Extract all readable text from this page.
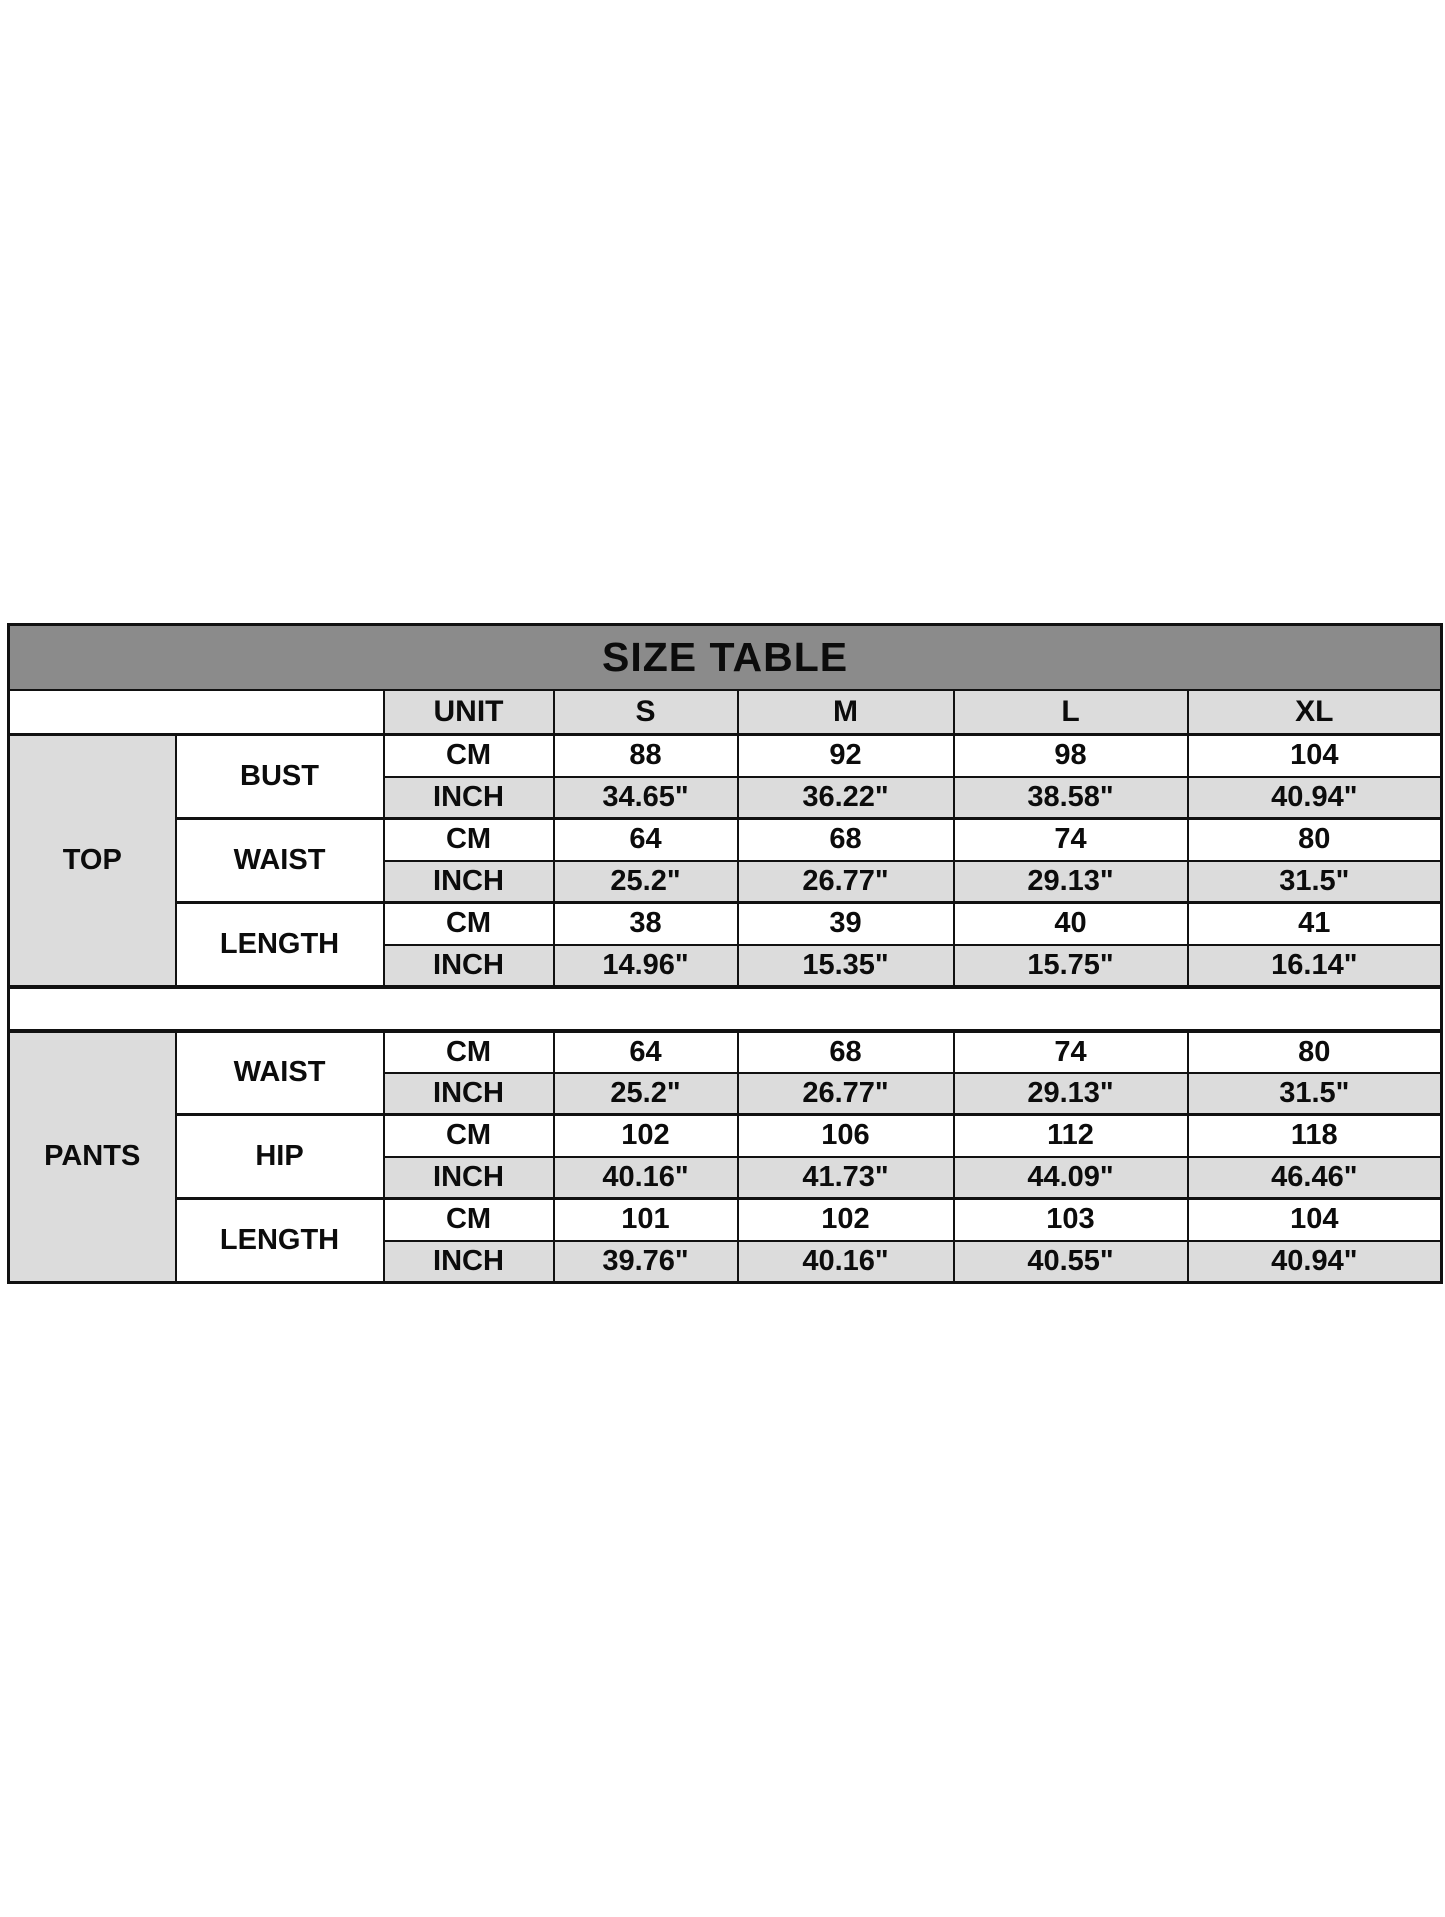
SIZE TABLE						
		UNIT	S	M	L	XL
TOP	BUST	CM	88	92	98	104
		INCH	34.65"	36.22"	38.58"	40.94"
	WAIST	CM	64	68	74	80
		INCH	25.2"	26.77"	29.13"	31.5"
	LENGTH	CM	38	39	40	41
		INCH	14.96"	15.35"	15.75"	16.14"

PANTS	WAIST	CM	64	68	74	80
		INCH	25.2"	26.77"	29.13"	31.5"
	HIP	CM	102	106	112	118
		INCH	40.16"	41.73"	44.09"	46.46"
	LENGTH	CM	101	102	103	104
		INCH	39.76"	40.16"	40.55"	40.94"
